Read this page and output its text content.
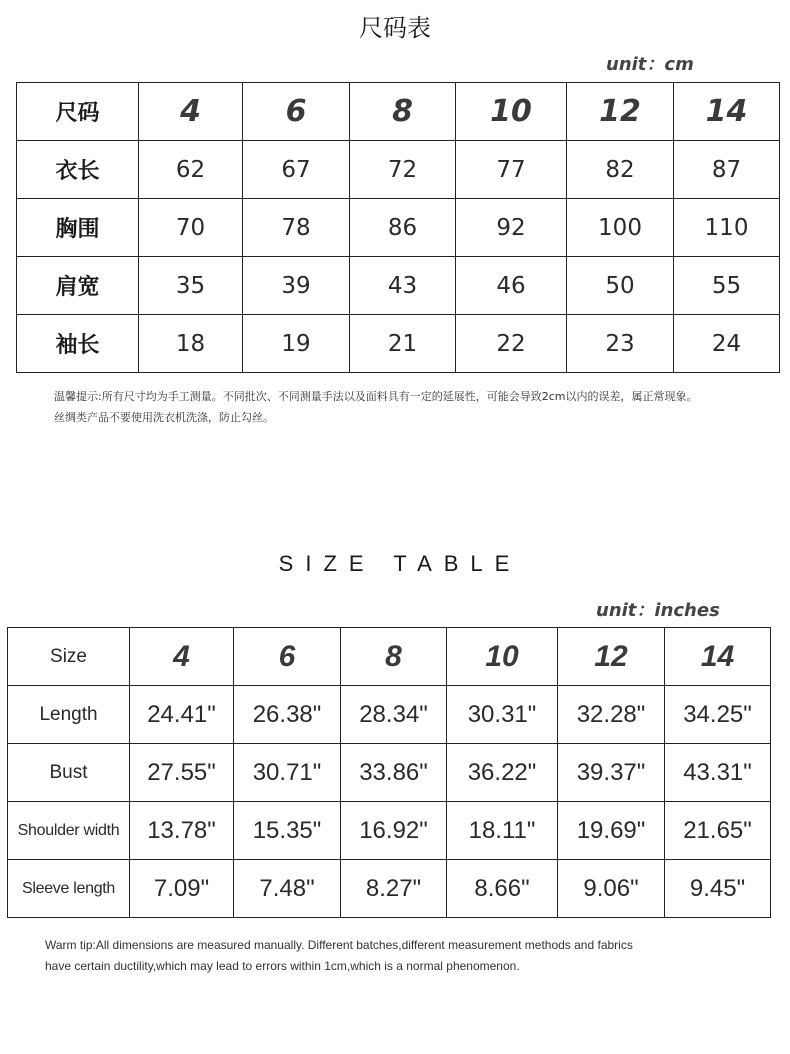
尺码表
unit：cm
尺码	4	6	8	10	12	14
衣长	62	67	72	77	82	87
胸围	70	78	86	92	100	110
肩宽	35	39	43	46	50	55
袖长	18	19	21	22	23	24
温馨提示:所有尺寸均为手工测量。不同批次、不同测量手法以及面料具有一定的延展性，可能会导致2cm以内的误差，属正常现象。
丝绸类产品不要使用洗衣机洗涤，防止勾丝。
SIZE TABLE
unit：inches
Size	4	6	8	10	12	14
Length	24.41"	26.38"	28.34"	30.31"	32.28"	34.25"
Bust	27.55"	30.71"	33.86"	36.22"	39.37"	43.31"
Shoulder width	13.78"	15.35"	16.92"	18.11"	19.69"	21.65"
Sleeve length	7.09"	7.48"	8.27"	8.66"	9.06"	9.45"
Warm tip:All dimensions are measured manually. Different batches,different measurement methods and fabrics
have certain ductility,which may lead to errors within 1cm,which is a normal phenomenon.
